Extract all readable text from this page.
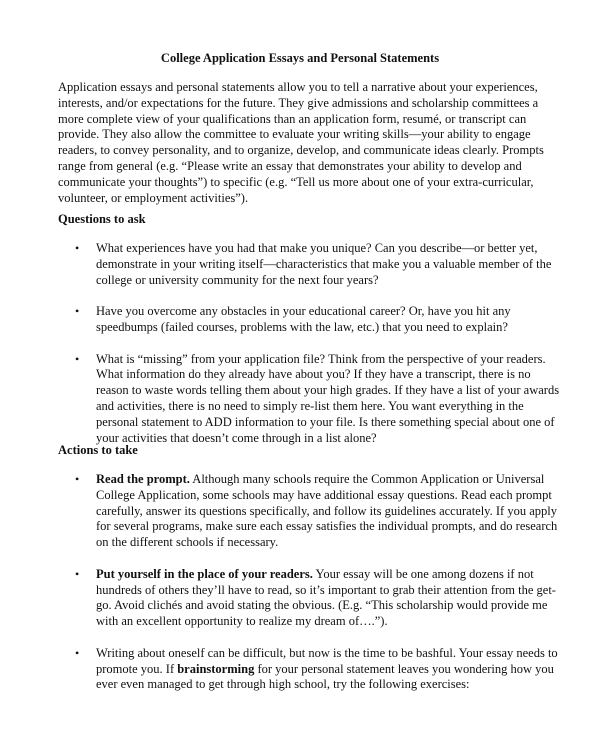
College Application Essays and Personal Statements

Application essays and personal statements allow you to tell a narrative about your experiences, interests, and/or expectations for the future. They give admissions and scholarship committees a more complete view of your qualifications than an application form, resumé, or transcript can provide. They also allow the committee to evaluate your writing skills—your ability to engage readers, to convey personality, and to organize, develop, and communicate ideas clearly. Prompts range from general (e.g. “Please write an essay that demonstrates your ability to develop and communicate your thoughts”) to specific (e.g. “Tell us more about one of your extra-curricular, volunteer, or employment activities”).

Questions to ask
• What experiences have you had that make you unique? Can you describe—or better yet, demonstrate in your writing itself—characteristics that make you a valuable member of the college or university community for the next four years?
• Have you overcome any obstacles in your educational career? Or, have you hit any speedbumps (failed courses, problems with the law, etc.) that you need to explain?
• What is “missing” from your application file? Think from the perspective of your readers. What information do they already have about you? If they have a transcript, there is no reason to waste words telling them about your high grades. If they have a list of your awards and activities, there is no need to simply re-list them here. You want everything in the personal statement to ADD information to your file. Is there something special about one of your activities that doesn’t come through in a list alone?
Actions to take
• Read the prompt. Although many schools require the Common Application or Universal College Application, some schools may have additional essay questions. Read each prompt carefully, answer its questions specifically, and follow its guidelines accurately. If you apply for several programs, make sure each essay satisfies the individual prompts, and do research on the different schools if necessary.
• Put yourself in the place of your readers. Your essay will be one among dozens if not hundreds of others they’ll have to read, so it’s important to grab their attention from the get-go. Avoid clichés and avoid stating the obvious. (E.g. “This scholarship would provide me with an excellent opportunity to realize my dream of….”).
• Writing about oneself can be difficult, but now is the time to be bashful. Your essay needs to promote you. If brainstorming for your personal statement leaves you wondering how you ever even managed to get through high school, try the following exercises:
